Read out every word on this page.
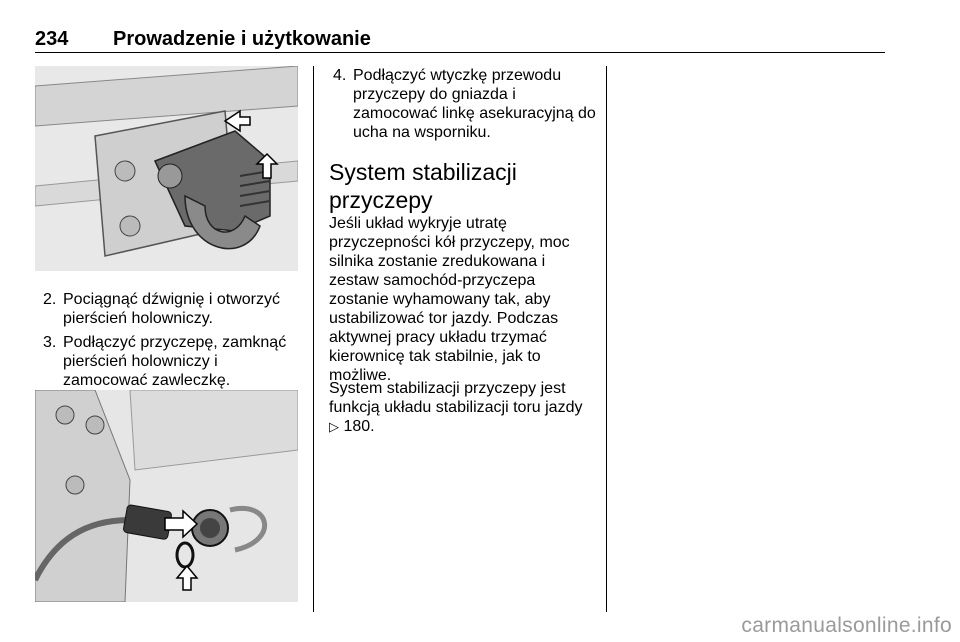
234 Prowadzenie i użytkowanie
2. Pociągnąć dźwignię i otworzyć pierścień holowniczy.
3. Podłączyć przyczepę, zamknąć pierścień holowniczy i zamocować zawleczkę.
4. Podłączyć wtyczkę przewodu przyczepy do gniazda i zamocować linkę asekuracyjną do ucha na wsporniku.
System stabilizacji przyczepy

Jeśli układ wykryje utratę przyczepności kół przyczepy, moc silnika zostanie zredukowana i zestaw samochód-przyczepa zostanie wyhamowany tak, aby ustabilizować tor jazdy. Podczas aktywnej pracy układu trzymać kierownicę tak stabilnie, jak to możliwe.

System stabilizacji przyczepy jest funkcją układu stabilizacji toru jazdy
▷ 180.

carmanualsonline.info
